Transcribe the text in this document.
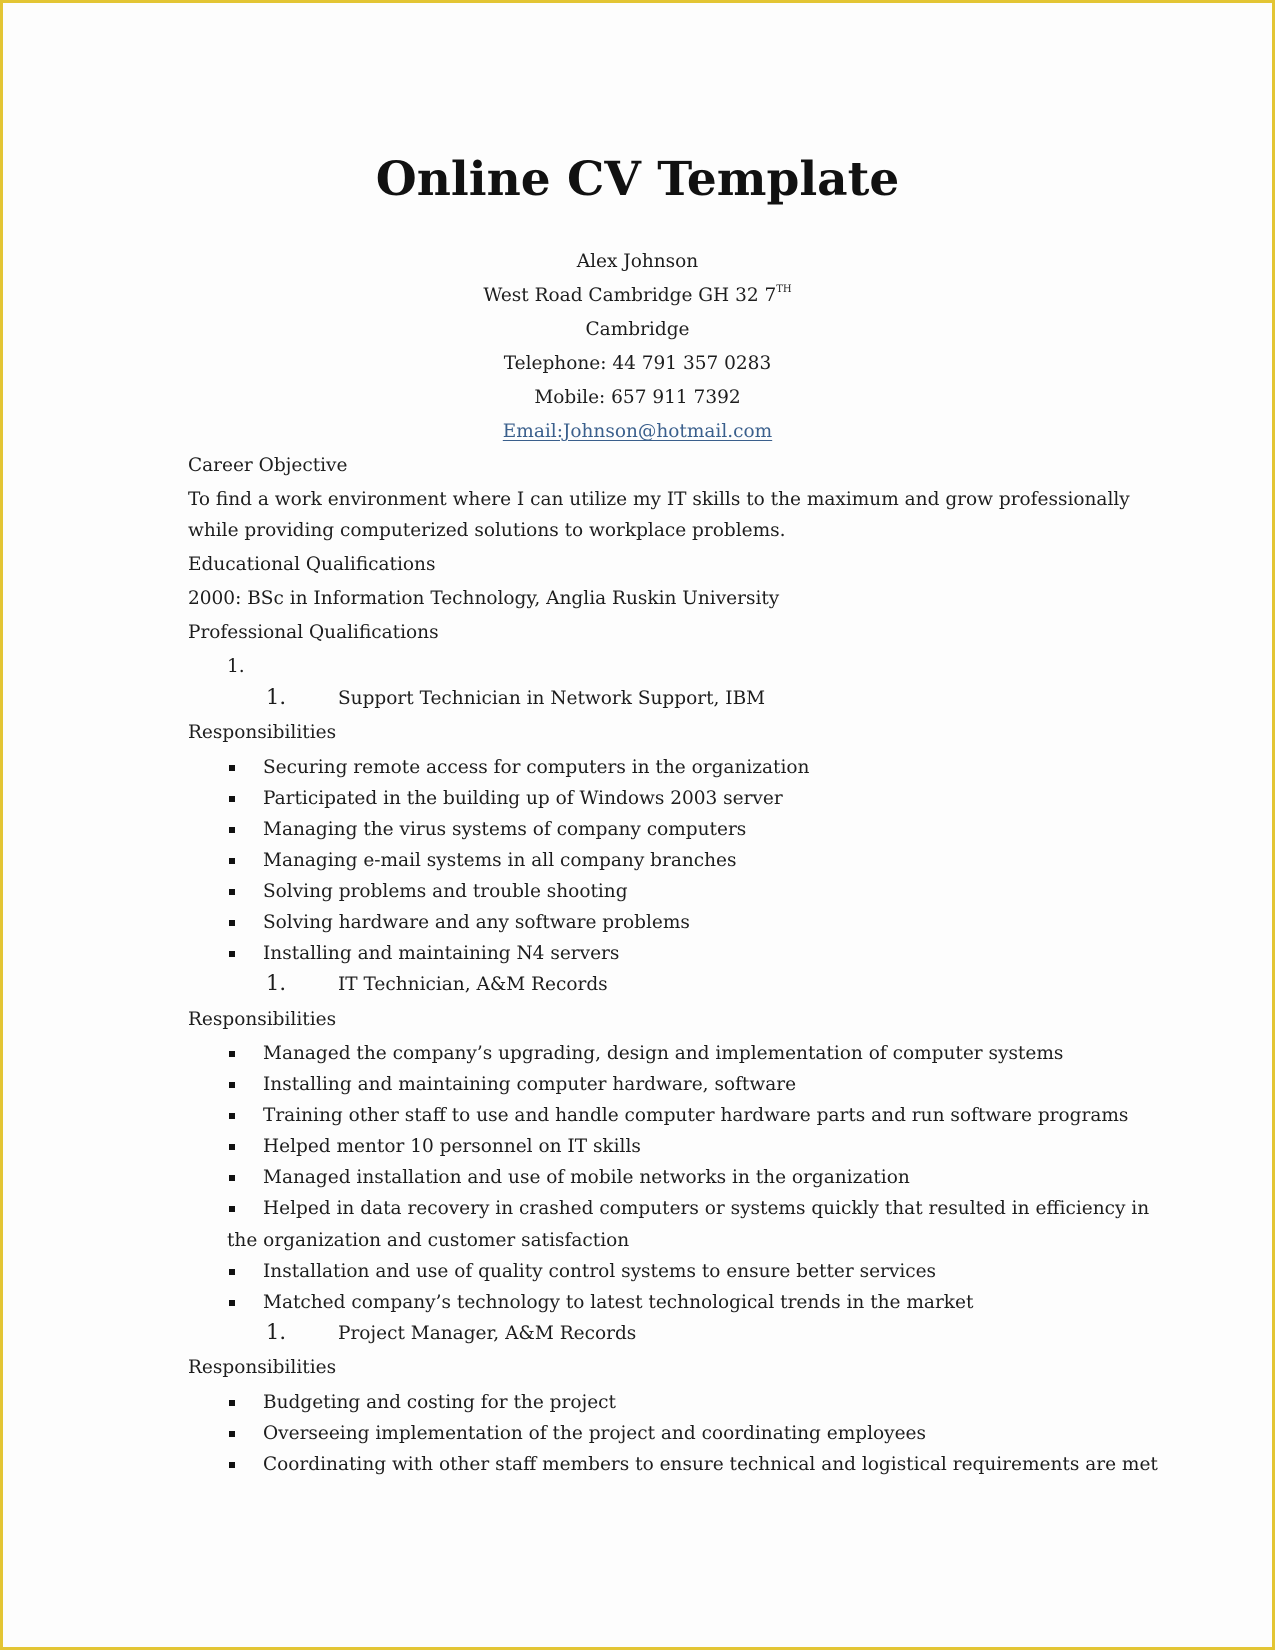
Online CV Template
Alex Johnson
West Road Cambridge GH 32 7TH
Cambridge
Telephone: 44 791 357 0283
Mobile: 657 911 7392
Email:Johnson@hotmail.com
Career Objective
To find a work environment where I can utilize my IT skills to the maximum and grow professionally
while providing computerized solutions to workplace problems.
Educational Qualifications
2000: BSc in Information Technology, Anglia Ruskin University
Professional Qualifications
1.
1.	Support Technician in Network Support, IBM
Responsibilities
Securing remote access for computers in the organization
Participated in the building up of Windows 2003 server
Managing the virus systems of company computers
Managing e-mail systems in all company branches
Solving problems and trouble shooting
Solving hardware and any software problems
Installing and maintaining N4 servers
1.	IT Technician, A&M Records
Responsibilities
Managed the company’s upgrading, design and implementation of computer systems
Installing and maintaining computer hardware, software
Training other staff to use and handle computer hardware parts and run software programs
Helped mentor 10 personnel on IT skills
Managed installation and use of mobile networks in the organization
Helped in data recovery in crashed computers or systems quickly that resulted in efficiency in
the organization and customer satisfaction
Installation and use of quality control systems to ensure better services
Matched company’s technology to latest technological trends in the market
1.	Project Manager, A&M Records
Responsibilities
Budgeting and costing for the project
Overseeing implementation of the project and coordinating employees
Coordinating with other staff members to ensure technical and logistical requirements are met
